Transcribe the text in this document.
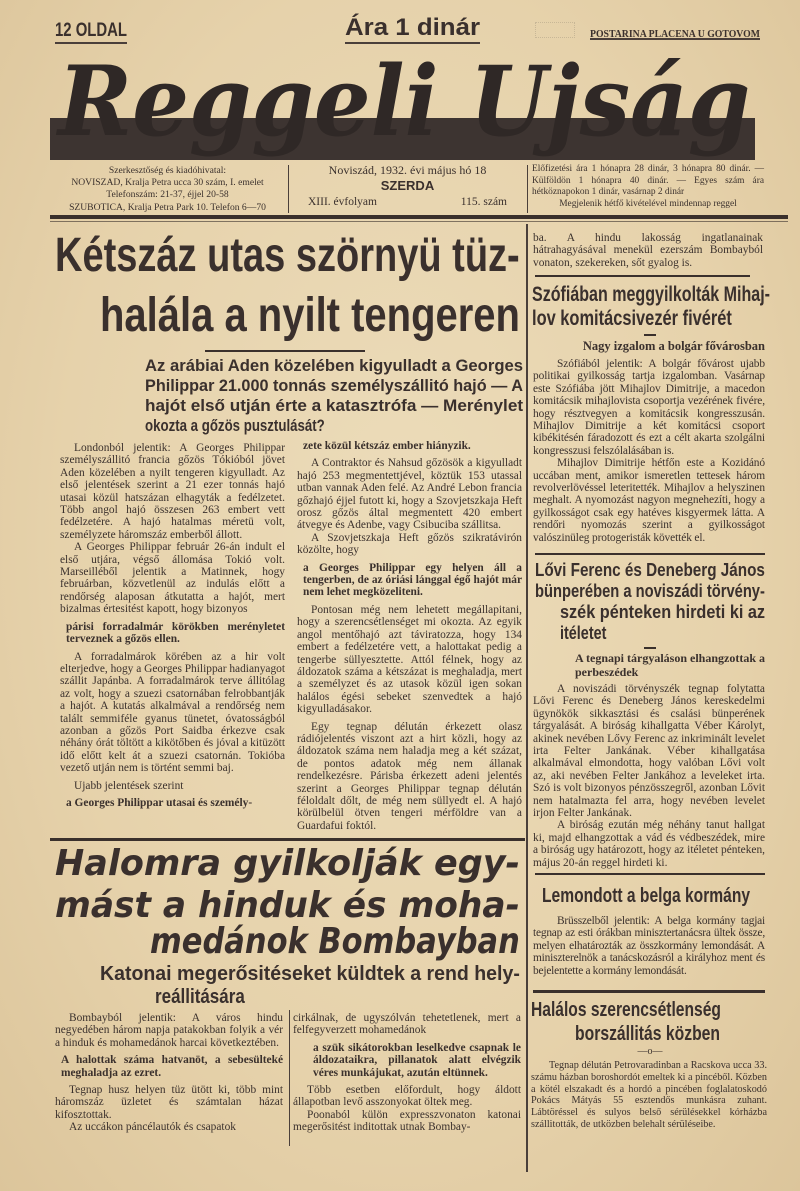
12 OLDAL	Ára 1 dinár	POSTARINA PLACENA U GOTOVOM
Reggeli Ujság
Szerkesztőség és kiadóhivatal:
NOVISZAD, Kralja Petra ucca 30 szám, I. emelet
Telefonszám: 21-37, éjjel 20-58
SZUBOTICA, Kralja Petra Park 10. Telefon 6—70
Noviszád, 1932. évi május hó 18
SZERDA
XIII. évfolyam	115. szám
Előfizetési ára 1 hónapra 28 dinár, 3 hónapra 80 dinár. — Külföldön 1 hónapra 40 dinár. — Egyes szám ára hétköznapokon 1 dinár, vasárnap 2 dinár
Megjelenik hétfő kivételével mindennap reggel
Kétszáz utas szörnyü tüz-
halála a nyilt tengeren
Az arábiai Aden közelében kigyulladt a Georges
Philippar 21.000 tonnás személyszállitó hajó — A
hajót első utján érte a katasztrófa — Merénylet
okozta a gőzös pusztulását?

Londonból jelentik: A Georges Philippar személyszállitó francia gőzös Tókióból jövet Aden közelében a nyilt tengeren kigyulladt. Az első jelentések szerint a 21 ezer tonnás hajó utasai közül hatszázan elhagyták a fedélzetet. Több angol hajó összesen 263 embert vett fedélzetére. A hajó hatalmas méretü volt, személyzete háromszáz emberből állott.

A Georges Philippar február 26-án indult el első utjára, végső állomása Tokió volt. Marseilléből jelentik a Matinnek, hogy februárban, közvetlenül az indulás előtt a rendőrség alaposan átkutatta a hajót, mert bizalmas értesitést kapott, hogy bizonyos

párisi forradalmár körökben merényletet terveznek a gőzös ellen.

A forradalmárok körében az a hir volt elterjedve, hogy a Georges Philippar hadianyagot szállit Japánba. A forradalmárok terve állitólag az volt, hogy a szuezi csatornában felrobbantják a hajót. A kutatás alkalmával a rendőrség nem talált semmiféle gyanus tünetet, óvatosságból azonban a gőzös Port Saidba érkezve csak néhány órát töltött a kikötőben és jóval a kitüzött idő előtt kelt át a szuezi csatornán. Tokióba vezető utján nem is történt semmi baj.

Ujabb jelentések szerint

a Georges Philippar utasai és személy-

zete közül kétszáz ember hiányzik.

A Contraktor és Nahsud gőzösök a kigyulladt hajó 253 megmentettjével, köztük 153 utassal utban vannak Aden felé. Az André Lebon francia gőzhajó éjjel futott ki, hogy a Szovjetszkaja Heft orosz gőzös által megmentett 420 embert átvegye és Adenbe, vagy Csibuciba szállitsa.

A Szovjetszkaja Heft gőzös szikratávirón közölte, hogy

a Georges Philippar egy helyen áll a tengerben, de az óriási lánggal égő hajót már nem lehet megközeliteni.

Pontosan még nem lehetett megállapitani, hogy a szerencsétlenséget mi okozta. Az egyik angol mentőhajó azt táviratozza, hogy 134 embert a fedélzetére vett, a halottakat pedig a tengerbe süllyesztette. Attól félnek, hogy az áldozatok száma a kétszázat is meghaladja, mert a személyzet és az utasok közül igen sokan halálos égési sebeket szenvedtek a hajó kigyulladásakor.

Egy tegnap délután érkezett olasz rádiójelentés viszont azt a hirt közli, hogy az áldozatok száma nem haladja meg a két százat, de pontos adatok még nem állanak rendelkezésre. Párisba érkezett adeni jelentés szerint a Georges Philippar tegnap délután féloldalt dőlt, de még nem süllyedt el. A hajó körülbelül ötven tengeri mérföldre van a Guardafui foktól.

Halomra gyilkolják egy-
mást a hinduk és moha-
medánok Bombayban
Katonai megerősitéseket küldtek a rend hely-
reállitására

Bombayból jelentik: A város hindu negyedében három napja patakokban folyik a vér a hinduk és mohamedánok harcai következtében.

A halottak száma hatvanöt, a sebesülteké meghaladja az ezret.

Tegnap husz helyen tüz ütött ki, több mint háromszáz üzletet és számtalan házat kifosztottak.

Az uccákon páncélautók és csapatok

cirkálnak, de ugyszólván tehetetlenek, mert a felfegyverzett mohamedánok

a szük sikátorokban leselkedve csapnak le áldozataikra, pillanatok alatt elvégzik véres munkájukat, azután eltünnek.

Több esetben előfordult, hogy áldott állapotban levő asszonyokat öltek meg.

Poonaból külön expresszvonaton katonai megerősitést inditottak utnak Bombay-

ba. A hindu lakosság ingatlanainak hátrahagyásával menekül ezerszám Bombayból vonaton, szekereken, sőt gyalog is.

Szófiában meggyilkolták Mihaj-
lov komitácsivezér fivérét
Nagy izgalom a bolgár fővárosban

Szófiából jelentik: A bolgár fővárost ujabb politikai gyilkosság tartja izgalomban. Vasárnap este Szófiába jött Mihajlov Dimitrije, a macedon komitácsik mihajlovista csoportja vezérének fivére, hogy résztvegyen a komitácsik kongresszusán. Mihajlov Dimitrije a két komitácsi csoport kibékitésén fáradozott és ezt a célt akarta szolgálni kongresszusi felszólalásában is.

Mihajlov Dimitrije hétfőn este a Kozidánó uccában ment, amikor ismeretlen tettesek három revolverlövéssel leteritették. Mihajlov a helyszinen meghalt. A nyomozást nagyon megnehezíti, hogy a gyilkosságot csak egy hatéves kisgyermek látta. A rendőri nyomozás szerint a gyilkosságot valószinüleg protogeristák követték el.

Lővi Ferenc és Deneberg János
bünperében a noviszádi törvény-
szék pénteken hirdeti ki az
itéletet
A tegnapi tárgyaláson elhangzottak a perbeszédek

A noviszádi törvényszék tegnap folytatta Lővi Ferenc és Deneberg János kereskedelmi ügynökök sikkasztási és csalási bünperének tárgyalását. A biróság kihallgatta Véber Károlyt, akinek nevében Lővy Ferenc az inkriminált levelet irta Felter Jankának. Véber kihallgatása alkalmával elmondotta, hogy valóban Lővi volt az, aki nevében Felter Jankához a leveleket irta. Szó is volt bizonyos pénzösszegről, azonban Lővit nem hatalmazta fel arra, hogy nevében levelet irjon Felter Jankának.

A biróság ezután még néhány tanut hallgat ki, majd elhangzottak a vád és védbeszédek, mire a biróság ugy határozott, hogy az itéletet pénteken, május 20-án reggel hirdeti ki.

Lemondott a belga kormány

Brüsszelből jelentik: A belga kormány tagjai tegnap az esti órákban minisztertanácsra ültek össze, melyen elhatározták az összkormány lemondását. A miniszterelnök a tanácskozásról a királyhoz ment és bejelentette a kormány lemondását.

Halálos szerencsétlenség
borszállitás közben
—o—

Tegnap délután Petrovaradinban a Racskova ucca 33. számu házban boroshordót emeltek ki a pincéből. Közben a kötél elszakadt és a hordó a pincében foglalatoskodó Pokács Mátyás 55 esztendős munkásra zuhant. Lábtöréssel és sulyos belső sérülésekkel kórházba szállitották, de utközben belehalt sérüléseibe.
